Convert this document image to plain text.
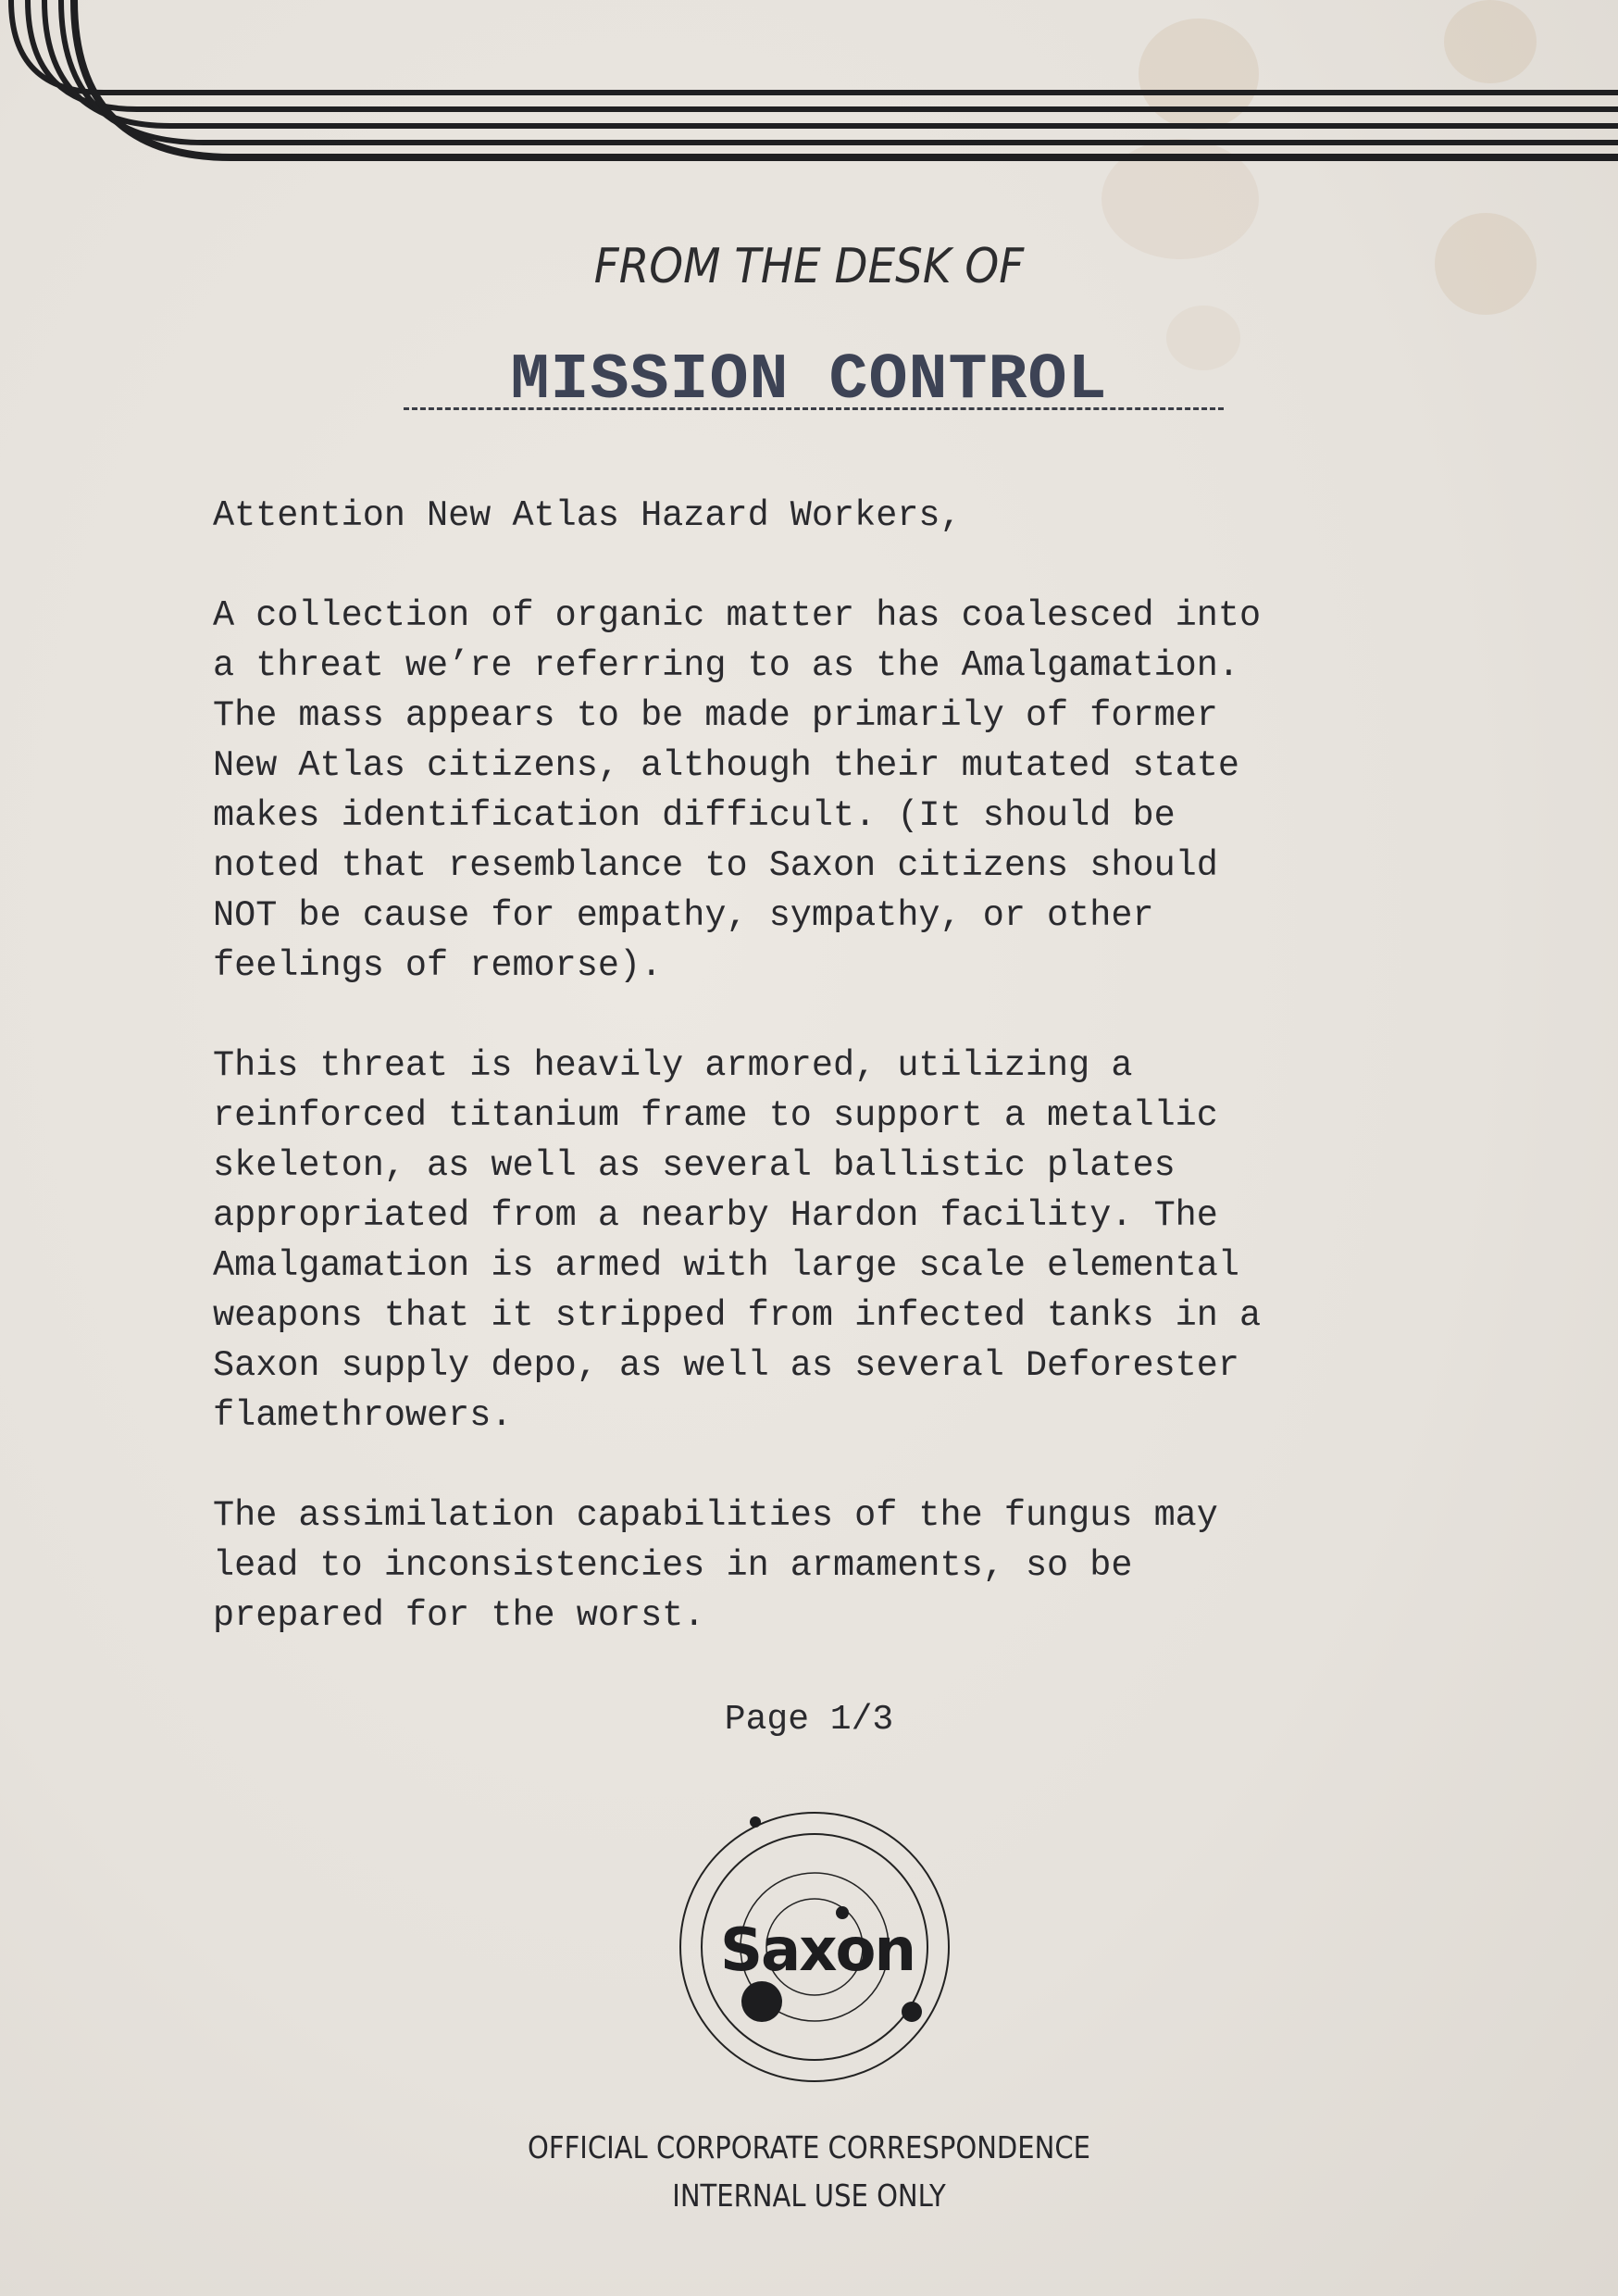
FROM THE DESK OF
MISSION CONTROL
Attention New Atlas Hazard Workers,
A collection of organic matter has coalesced into
a threat we’re referring to as the Amalgamation.
The mass appears to be made primarily of former
New Atlas citizens, although their mutated state
makes identification difficult. (It should be
noted that resemblance to Saxon citizens should
NOT be cause for empathy, sympathy, or other
feelings of remorse).
This threat is heavily armored, utilizing a
reinforced titanium frame to support a metallic
skeleton, as well as several ballistic plates
appropriated from a nearby Hardon facility. The
Amalgamation is armed with large scale elemental
weapons that it stripped from infected tanks in a
Saxon supply depo, as well as several Deforester
flamethrowers.
The assimilation capabilities of the fungus may
lead to inconsistencies in armaments, so be
prepared for the worst.
Page 1/3
Saxon
OFFICIAL CORPORATE CORRESPONDENCE
INTERNAL USE ONLY
